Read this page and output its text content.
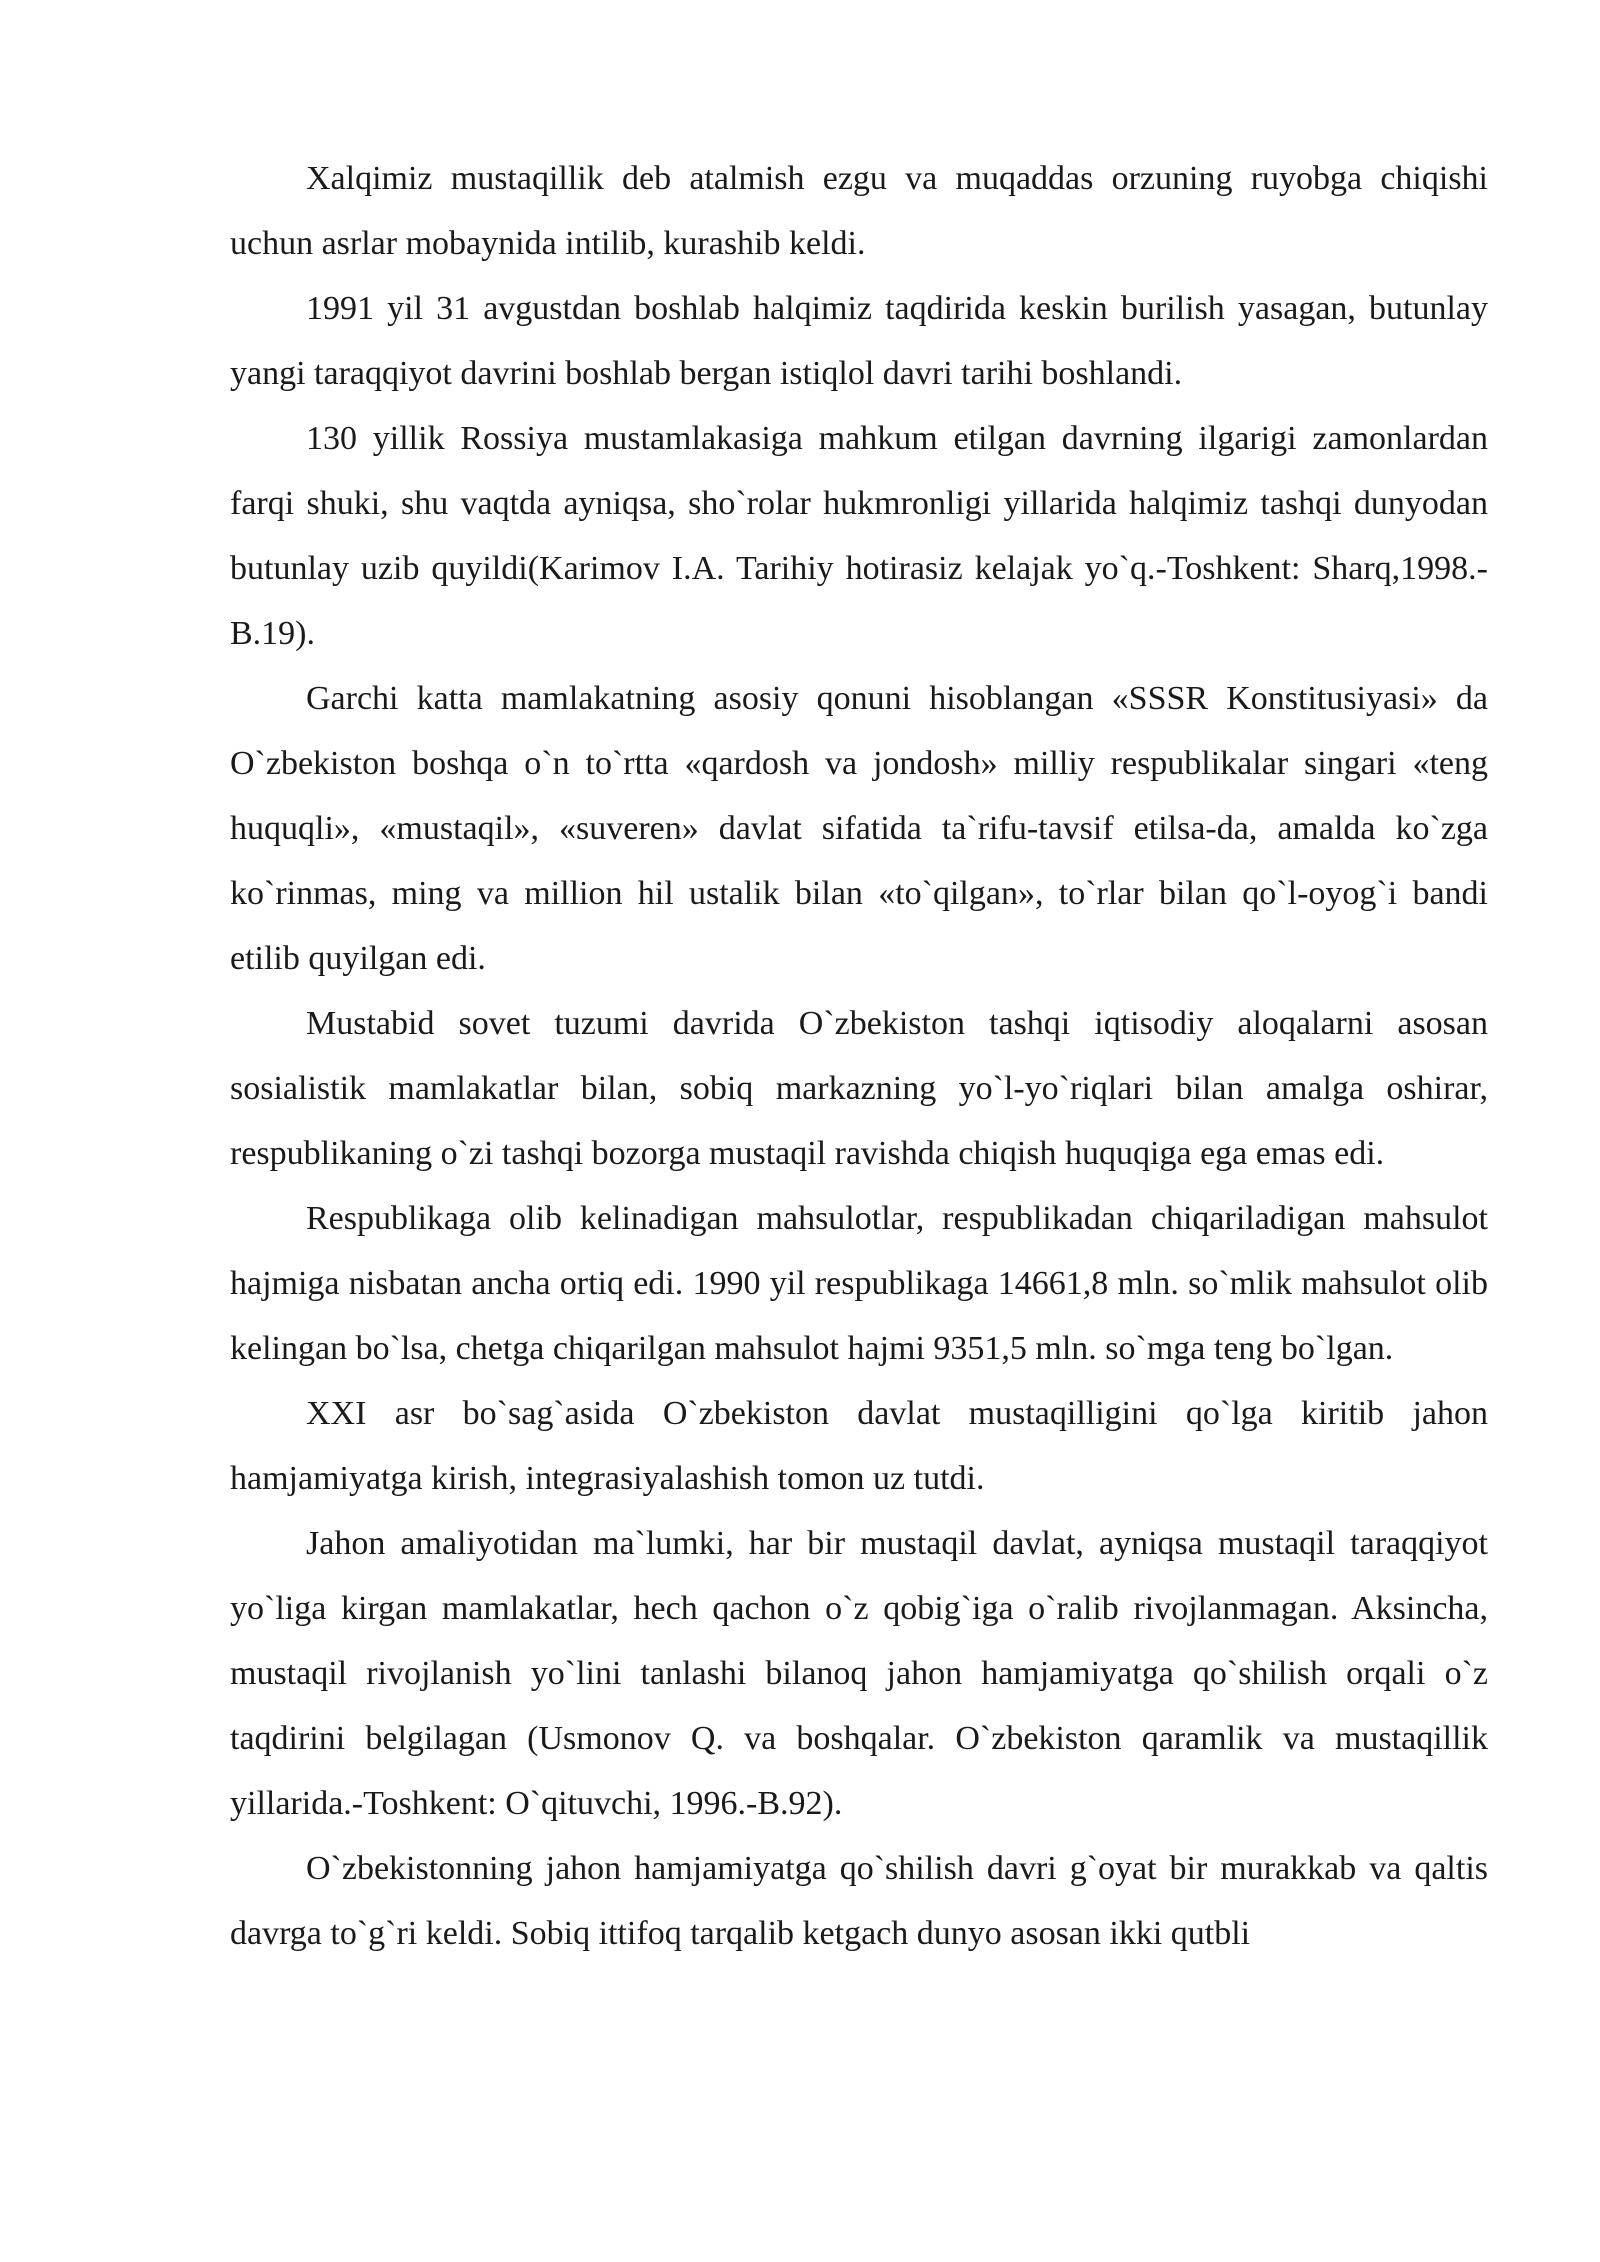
Xalqimiz mustaqillik deb atalmish ezgu va muqaddas orzuning ruyobga chiqishi uchun asrlar mobaynida intilib, kurashib keldi.

1991 yil 31 avgustdan boshlab halqimiz taqdirida keskin burilish yasagan, butunlay yangi taraqqiyot davrini boshlab bergan istiqlol davri tarihi boshlandi.

130 yillik Rossiya mustamlakasiga mahkum etilgan davrning ilgarigi zamonlardan farqi shuki, shu vaqtda ayniqsa, sho`rolar hukmronligi yillarida halqimiz tashqi dunyodan butunlay uzib quyildi(Karimov I.A. Tarihiy hotirasiz kelajak yo`q.-Toshkent: Sharq,1998.-B.19).

Garchi katta mamlakatning asosiy qonuni hisoblangan «SSSR Konstitusiyasi» da O`zbekiston boshqa o`n to`rtta «qardosh va jondosh» milliy respublikalar singari «teng huquqli», «mustaqil», «suveren» davlat sifatida ta`rifu-tavsif etilsa-da, amalda ko`zga ko`rinmas, ming va million hil ustalik bilan «to`qilgan», to`rlar bilan qo`l-oyog`i bandi etilib quyilgan edi.

Mustabid sovet tuzumi davrida O`zbekiston tashqi iqtisodiy aloqalarni asosan sosialistik mamlakatlar bilan, sobiq markazning yo`l-yo`riqlari bilan amalga oshirar, respublikaning o`zi tashqi bozorga mustaqil ravishda chiqish huquqiga ega emas edi.

Respublikaga olib kelinadigan mahsulotlar, respublikadan chiqariladigan mahsulot hajmiga nisbatan ancha ortiq edi. 1990 yil respublikaga 14661,8 mln. so`mlik mahsulot olib kelingan bo`lsa, chetga chiqarilgan mahsulot hajmi 9351,5 mln. so`mga teng bo`lgan.

XXI asr bo`sag`asida O`zbekiston davlat mustaqilligini qo`lga kiritib jahon hamjamiyatga kirish, integrasiyalashish tomon uz tutdi.

Jahon amaliyotidan ma`lumki, har bir mustaqil davlat, ayniqsa mustaqil taraqqiyot yo`liga kirgan mamlakatlar, hech qachon o`z qobig`iga o`ralib rivojlanmagan. Aksincha, mustaqil rivojlanish yo`lini tanlashi bilanoq jahon hamjamiyatga qo`shilish orqali o`z taqdirini belgilagan (Usmonov Q. va boshqalar. O`zbekiston qaramlik va mustaqillik yillarida.-Toshkent: O`qituvchi, 1996.-B.92).

O`zbekistonning jahon hamjamiyatga qo`shilish davri g`oyat bir murakkab va qaltis davrga to`g`ri keldi. Sobiq ittifoq tarqalib ketgach dunyo asosan ikki qutbli
